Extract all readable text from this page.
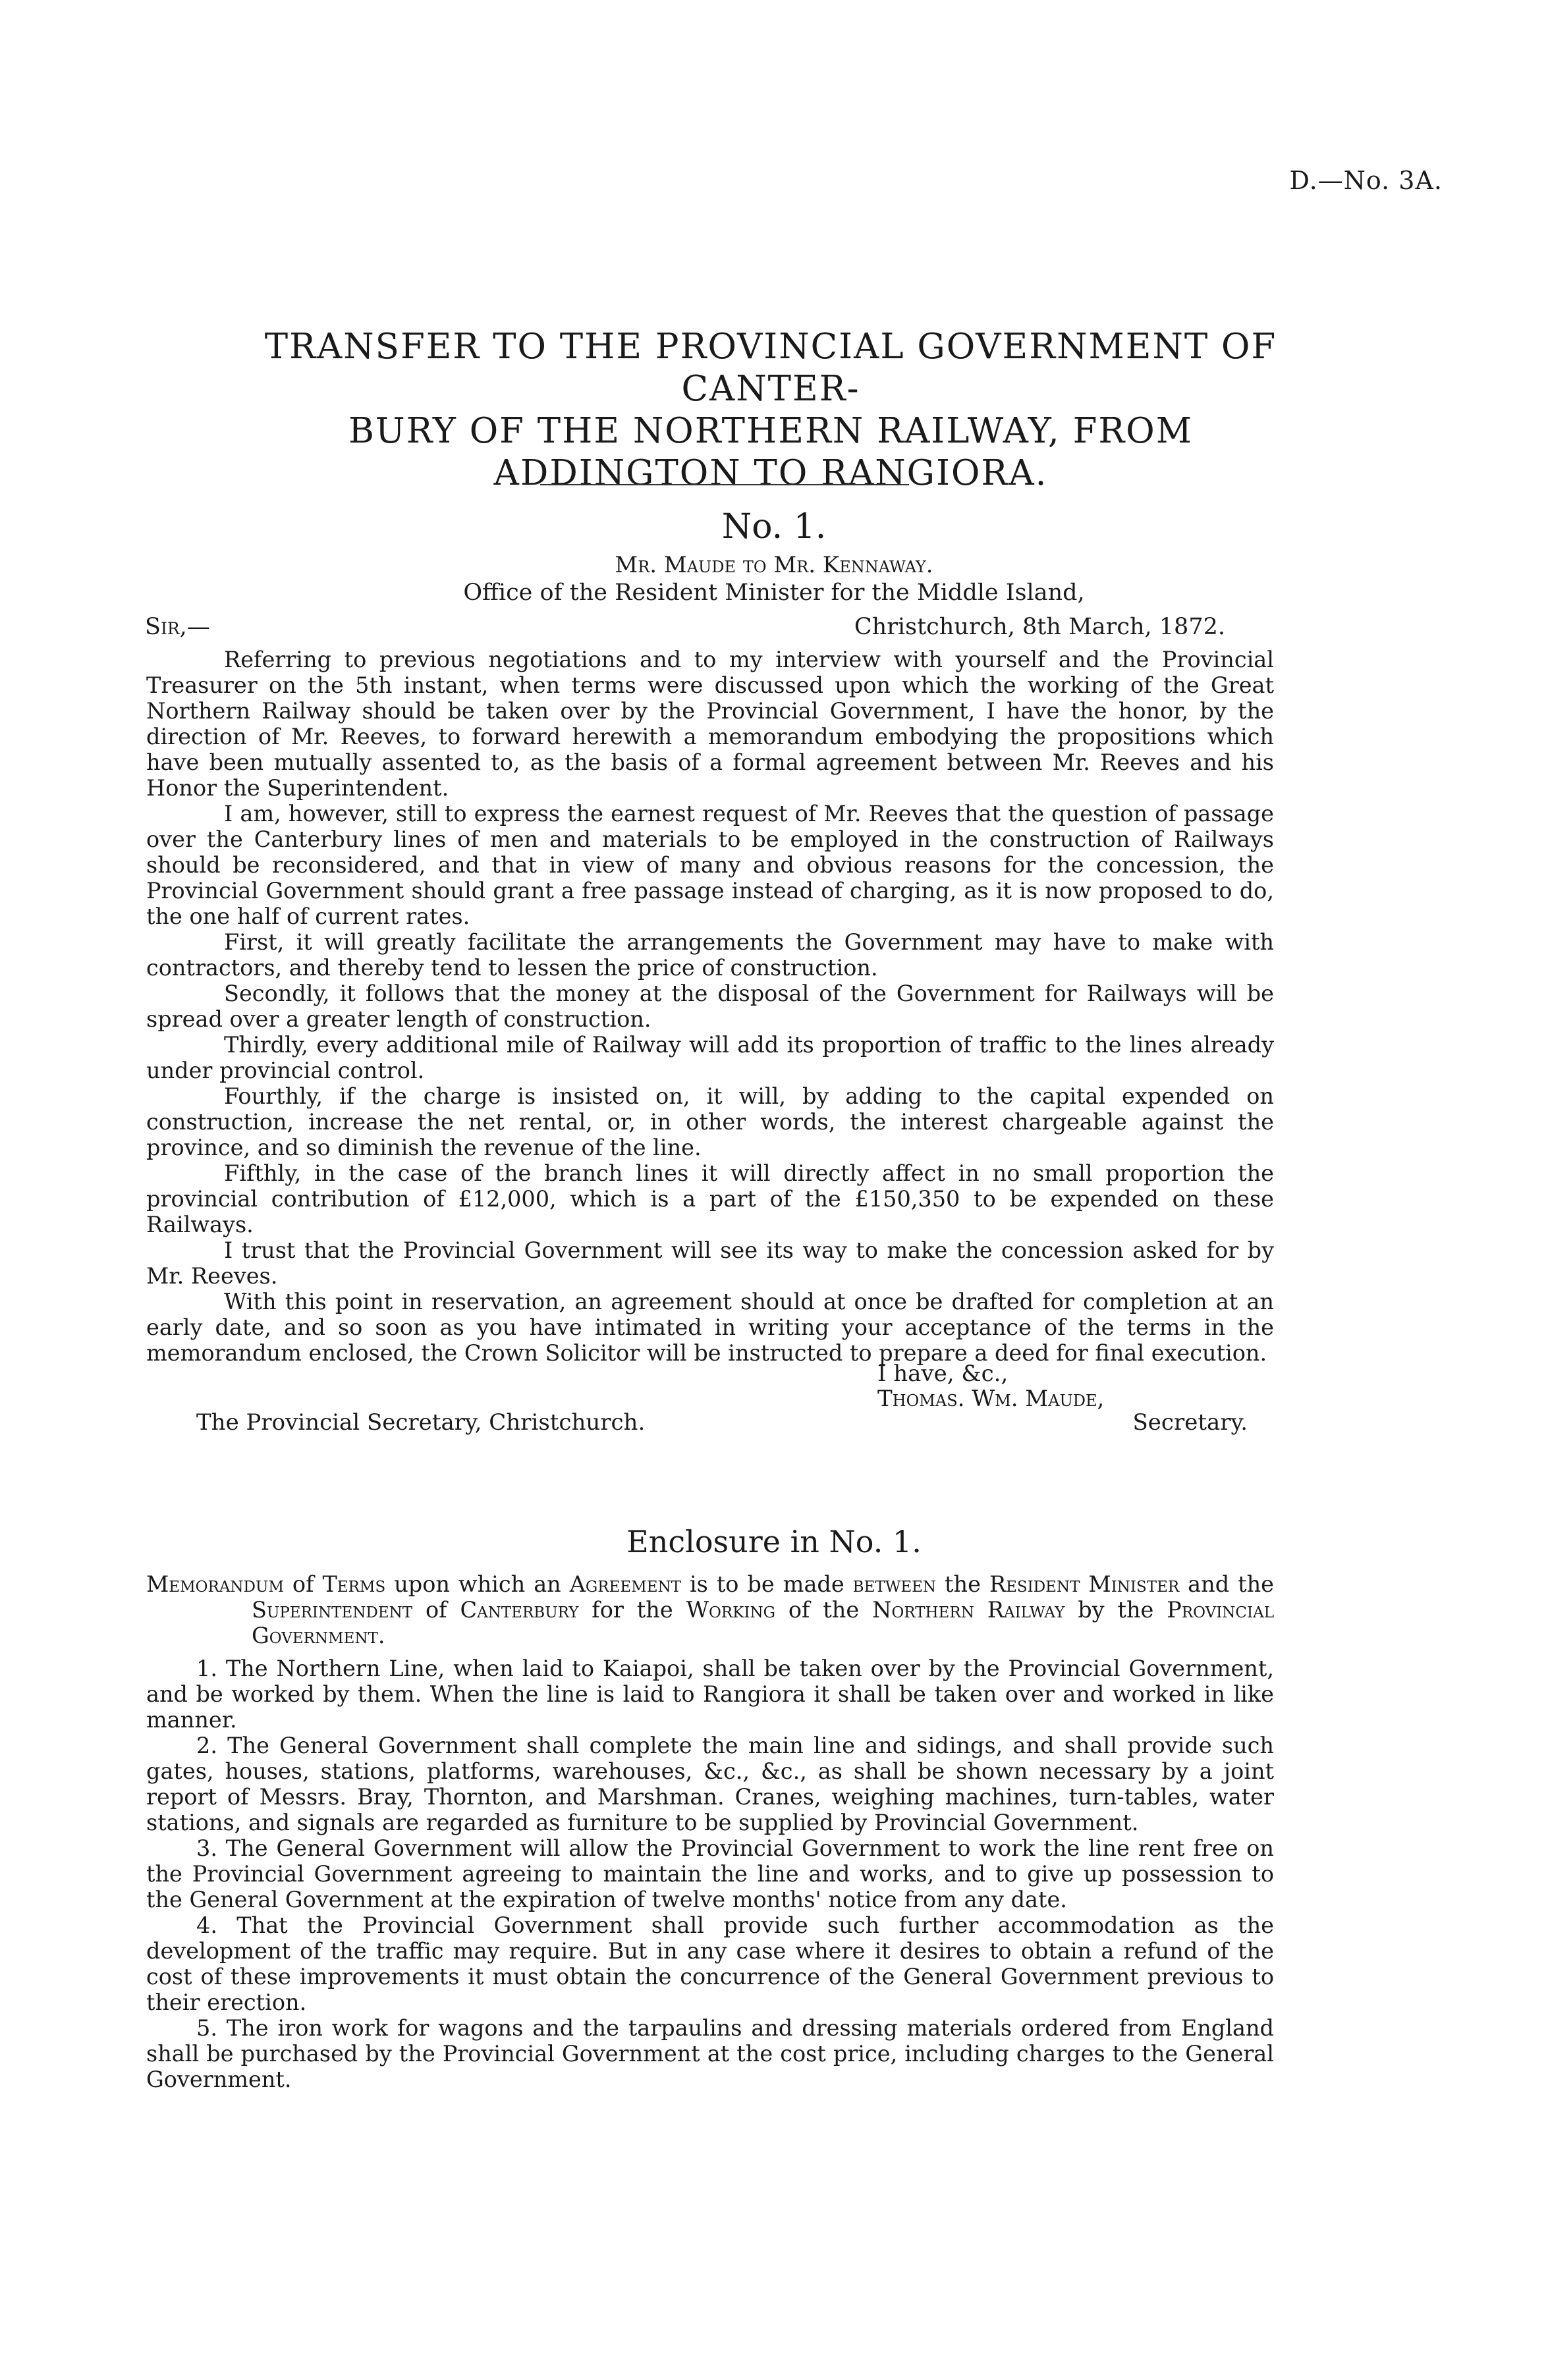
D.—No. 3A.
TRANSFER TO THE PROVINCIAL GOVERNMENT OF CANTER-
BURY OF THE NORTHERN RAILWAY, FROM
ADDINGTON TO RANGIORA.
No. 1.
Mr. Maude to Mr. Kennaway.
Office of the Resident Minister for the Middle Island,
Sir,—	Christchurch, 8th March, 1872.

Referring to previous negotiations and to my interview with yourself and the Provincial Treasurer on the 5th instant, when terms were discussed upon which the working of the Great Northern Railway should be taken over by the Provincial Government, I have the honor, by the direction of Mr. Reeves, to forward herewith a memorandum embodying the propositions which have been mutually assented to, as the basis of a formal agreement between Mr. Reeves and his Honor the Superintendent.

I am, however, still to express the earnest request of Mr. Reeves that the question of passage over the Canterbury lines of men and materials to be employed in the construction of Railways should be reconsidered, and that in view of many and obvious reasons for the concession, the Provincial Government should grant a free passage instead of charging, as it is now proposed to do, the one half of current rates.

First, it will greatly facilitate the arrangements the Government may have to make with contractors, and thereby tend to lessen the price of construction.

Secondly, it follows that the money at the disposal of the Government for Railways will be spread over a greater length of construction.

Thirdly, every additional mile of Railway will add its proportion of traffic to the lines already under provincial control.

Fourthly, if the charge is insisted on, it will, by adding to the capital expended on construction, increase the net rental, or, in other words, the interest chargeable against the province, and so diminish the revenue of the line.

Fifthly, in the case of the branch lines it will directly affect in no small proportion the provincial contribution of £12,000, which is a part of the £150,350 to be expended on these Railways.

I trust that the Provincial Government will see its way to make the concession asked for by Mr. Reeves.

With this point in reservation, an agreement should at once be drafted for completion at an early date, and so soon as you have intimated in writing your acceptance of the terms in the memorandum enclosed, the Crown Solicitor will be instructed to prepare a deed for final execution.

I have, &c.,
Thomas. Wm. Maude,
The Provincial Secretary, Christchurch.	Secretary.
Enclosure in No. 1.
Memorandum of Terms upon which an Agreement is to be made between the Resident Minister and the Superintendent of Canterbury for the Working of the Northern Railway by the Provincial Government.

1. The Northern Line, when laid to Kaiapoi, shall be taken over by the Provincial Government, and be worked by them. When the line is laid to Rangiora it shall be taken over and worked in like manner.

2. The General Government shall complete the main line and sidings, and shall provide such gates, houses, stations, platforms, warehouses, &c., &c., as shall be shown necessary by a joint report of Messrs. Bray, Thornton, and Marshman. Cranes, weighing machines, turn-tables, water stations, and signals are regarded as furniture to be supplied by Provincial Government.

3. The General Government will allow the Provincial Government to work the line rent free on the Provincial Government agreeing to maintain the line and works, and to give up possession to the General Government at the expiration of twelve months' notice from any date.

4. That the Provincial Government shall provide such further accommodation as the development of the traffic may require. But in any case where it desires to obtain a refund of the cost of these improvements it must obtain the concurrence of the General Government previous to their erection.

5. The iron work for wagons and the tarpaulins and dressing materials ordered from England shall be purchased by the Provincial Government at the cost price, including charges to the General Government.
